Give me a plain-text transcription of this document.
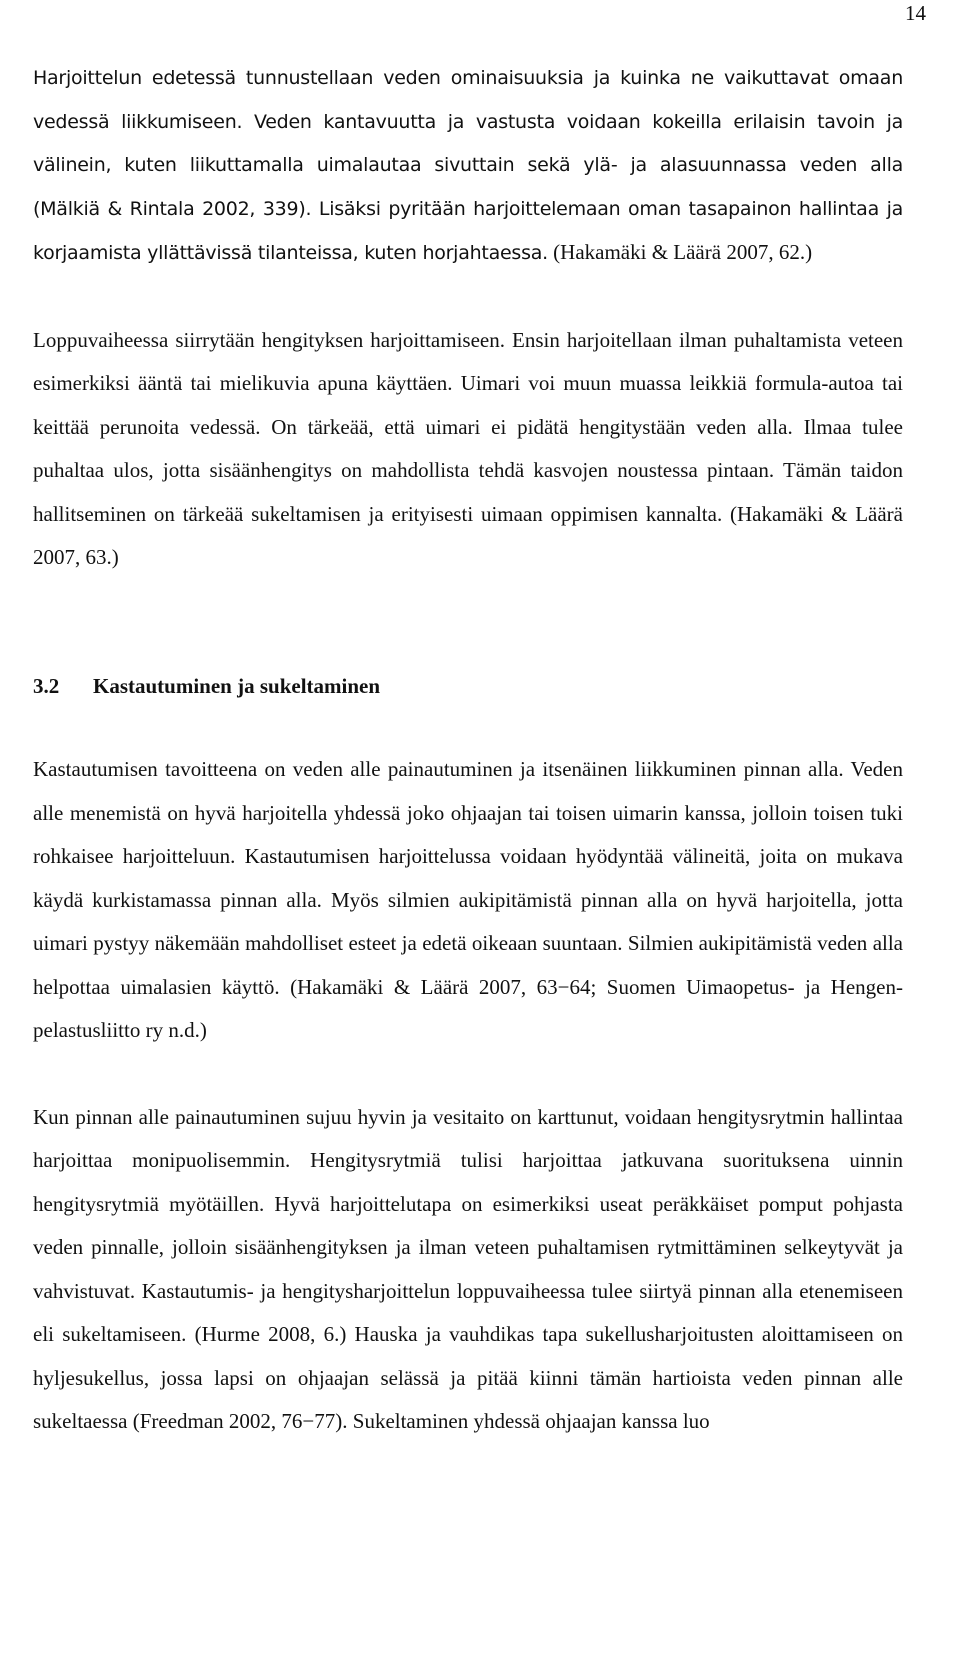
14

Harjoittelun edetessä tunnustellaan veden ominaisuuksia ja kuinka ne vaikuttavat omaan vedessä liikkumiseen. Veden kantavuutta ja vastusta voidaan kokeilla erilaisin tavoin ja välinein, kuten liikuttamalla uimalautaa sivuttain sekä ylä- ja alasuunnassa veden alla (Mälkiä & Rintala 2002, 339). Lisäksi pyritään harjoittelemaan oman tasapainon hallintaa ja korjaamista yllättävissä tilanteissa, kuten horjahtaessa. (Hakamäki & Läärä 2007, 62.)

Loppuvaiheessa siirrytään hengityksen harjoittamiseen. Ensin harjoitellaan ilman puhaltamista veteen esimerkiksi ääntä tai mielikuvia apuna käyttäen. Uimari voi muun muassa leikkiä formula-autoa tai keittää perunoita vedessä. On tärkeää, että uimari ei pidätä hengitystään veden alla. Ilmaa tulee puhaltaa ulos, jotta sisäänhengitys on mahdollista tehdä kasvojen noustessa pintaan. Tämän taidon hallitseminen on tärkeää sukeltamisen ja erityisesti uimaan oppimisen kannalta. (Hakamäki & Läärä 2007, 63.)

3.2 Kastautuminen ja sukeltaminen

Kastautumisen tavoitteena on veden alle painautuminen ja itsenäinen liikkuminen pinnan alla. Veden alle menemistä on hyvä harjoitella yhdessä joko ohjaajan tai toisen uimarin kanssa, jolloin toisen tuki rohkaisee harjoitteluun. Kastautumisen harjoittelussa voidaan hyödyntää välineitä, joita on mukava käydä kurkistamassa pinnan alla. Myös silmien aukipitämistä pinnan alla on hyvä harjoitella, jotta uimari pystyy näkemään mahdolliset esteet ja edetä oikeaan suuntaan. Silmien aukipitämistä veden alla helpottaa uimalasien käyttö. (Hakamäki & Läärä 2007, 63−64; Suomen Uimaopetus- ja Hengenpelastusliitto ry n.d.)

Kun pinnan alle painautuminen sujuu hyvin ja vesitaito on karttunut, voidaan hengitysrytmin hallintaa harjoittaa monipuolisemmin. Hengitysrytmiä tulisi harjoittaa jatkuvana suorituksena uinnin hengitysrytmiä myötäillen. Hyvä harjoittelutapa on esimerkiksi useat peräkkäiset pomput pohjasta veden pinnalle, jolloin sisäänhengityksen ja ilman veteen puhaltamisen rytmittäminen selkeytyvät ja vahvistuvat. Kastautumis- ja hengitysharjoittelun loppuvaiheessa tulee siirtyä pinnan alla etenemiseen eli sukeltamiseen. (Hurme 2008, 6.) Hauska ja vauhdikas tapa sukellusharjoitusten aloittamiseen on hyljesukellus, jossa lapsi on ohjaajan selässä ja pitää kiinni tämän hartioista veden pinnan alle sukeltaessa (Freedman 2002, 76−77). Sukeltaminen yhdessä ohjaajan kanssa luo
